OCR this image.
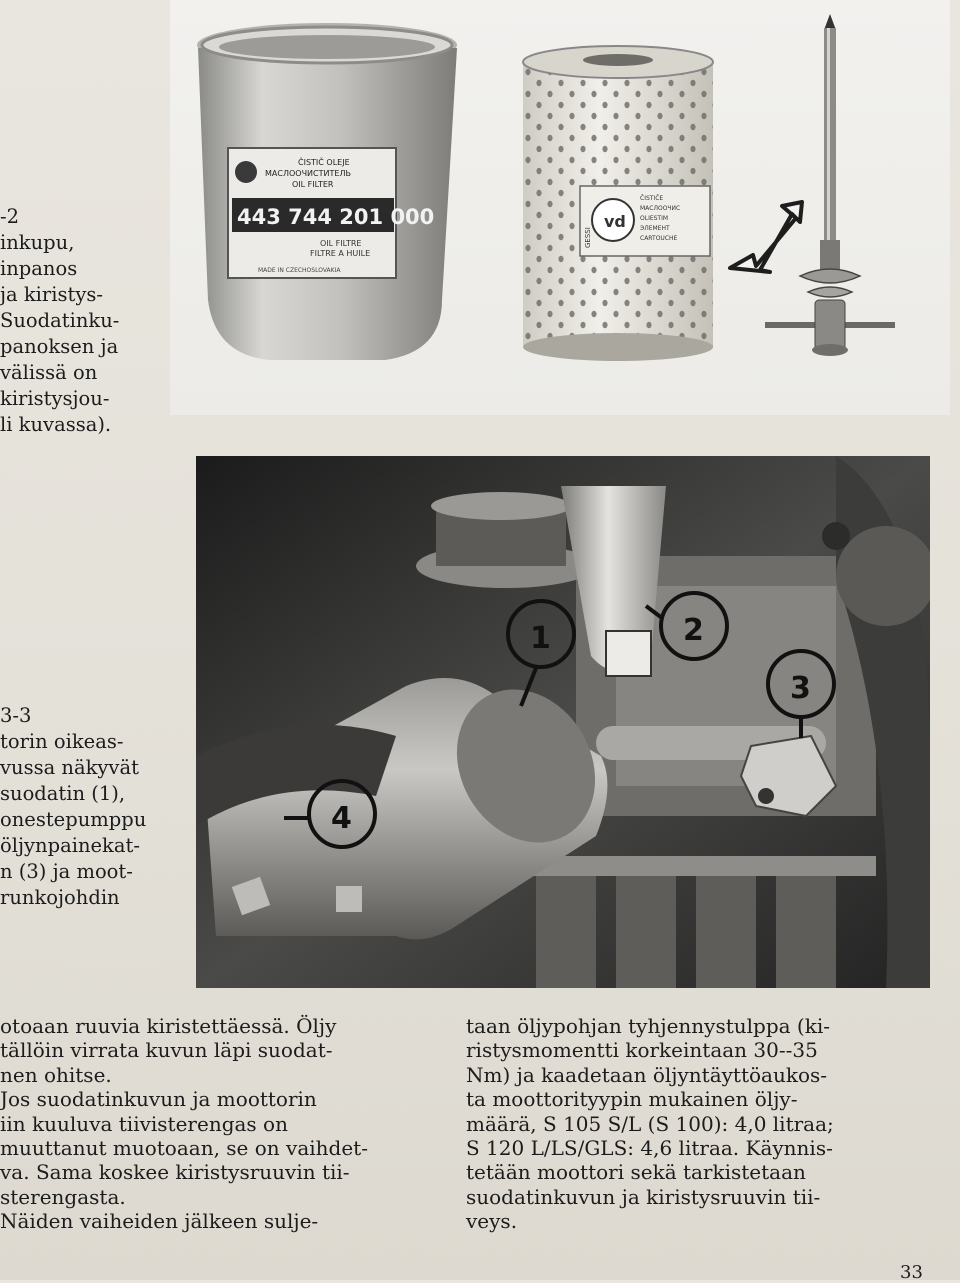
ČISTIČ OLEJE
МАСЛООЧИСТИТЕЛЬ
OIL FILTER
443 744 201 000
OIL FILTRE
FILTRE A HUILE
MADE IN CZECHOSLOVAKIA
vd
GESSI
ČISTIČE
МАСЛООЧИС
OLIESTIM
ЭЛЕМЕНТ
CARTOUCHE
1	2
3
4
-2
inkupu,
inpanos
ja kiristys-
Suodatinku-
panoksen ja
välissä on
kiristysjou-
li kuvassa).
3-3
torin oikeas-
vussa näkyvät
suodatin (1),
onestepumppu
öljynpainekat-
n (3) ja moot-
runkojohdin
otoaan ruuvia kiristettäessä. Öljy
tällöin virrata kuvun läpi suodat-
nen ohitse.
Jos suodatinkuvun ja moottorin
iin kuuluva tiivisterengas on
muuttanut muotoaan, se on vaihdet-
va. Sama koskee kiristysruuvin tii-
sterengasta.
Näiden vaiheiden jälkeen sulje-
taan öljypohjan tyhjennystulppa (ki-
ristysmomentti korkeintaan 30--35
Nm) ja kaadetaan öljyntäyttöaukos-
ta moottorityypin mukainen öljy-
määrä, S 105 S/L (S 100): 4,0 litraa;
S 120 L/LS/GLS: 4,6 litraa. Käynnis-
tetään moottori sekä tarkistetaan
suodatinkuvun ja kiristysruuvin tii-
veys.
33
